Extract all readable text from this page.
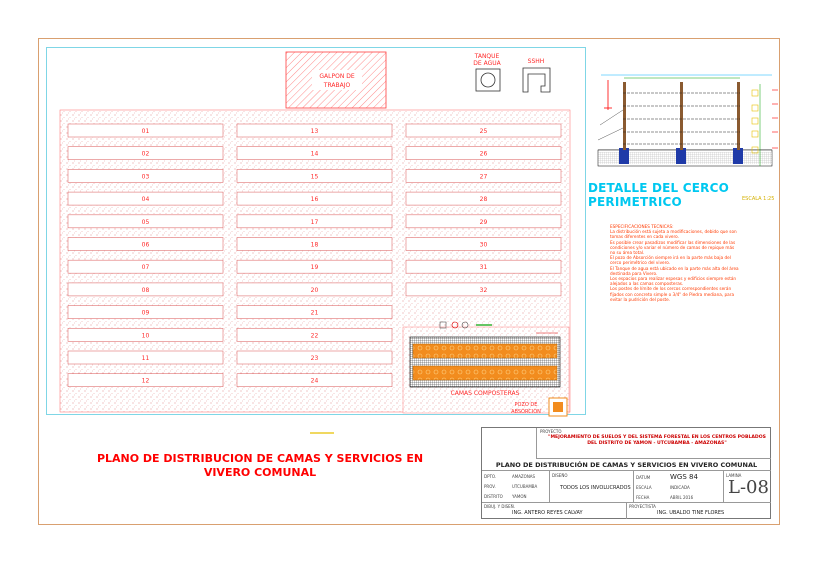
01
02
03
04
05
06
07
08
09
10
11
12
13
14
15
16
17
18
19
20
21
22
23
24
25
26
27
28
29
30
31
32
GALPON DE
TRABAJO
TANQUE
DE AGUA	SSHH
CAMAS COMPOSTERAS
POZO DE
ABSORCION
DETALLE DEL CERCO PERIMETRICO	ESCALA 1:25
ESPECIFICACIONES TECNICAS:
La distribución está sujeta a modificaciones, debido que son tomas diferentes en cada vivero.
Es posible crear pasadizos modificar las dimensiones de las condiciones y/o variar el número de camas de repique más no su área total.
El pozo de Absorción siempre irá en la parte más baja del cerco perimétrico del vivero.
El Tanque de agua está ubicado en la parte más alta del área destinada para Vivero.
Los espacios para realizar espesas y edificios siempre están alejados a las camas composteras.
Los postes de límite de los cercos correspondientes serán fijados con concreto simple o 3/4" de Piedra mediana, para evitar la pudrición del poste.
PLANO DE DISTRIBUCION DE CAMAS Y SERVICIOS EN VIVERO COMUNAL
PROYECTO
"MEJORAMIENTO DE SUELOS Y DEL SISTEMA FORESTAL EN LOS CENTROS POBLADOS DEL DISTRITO DE YAMON - UTCUBAMBA - AMAZONAS"
PLANO DE DISTRIBUCIÓN DE CAMAS Y SERVICIOS EN VIVERO COMUNAL
DPTO.	AMAZONAS
PROV.	UTCUBAMBA
DISTRITO YAMON
DISEÑO
TODOS LOS INVOLUCRADOS
DATUM	WGS 84
ESCALA	INDICADA
FECHA	ABRIL 2016
LAMINA
L-08
DIBUJ. Y DISEÑ.
ING. ANTERO REYES CALVAY
PROYECTISTA
ING. UBALDO TINE FLORES
